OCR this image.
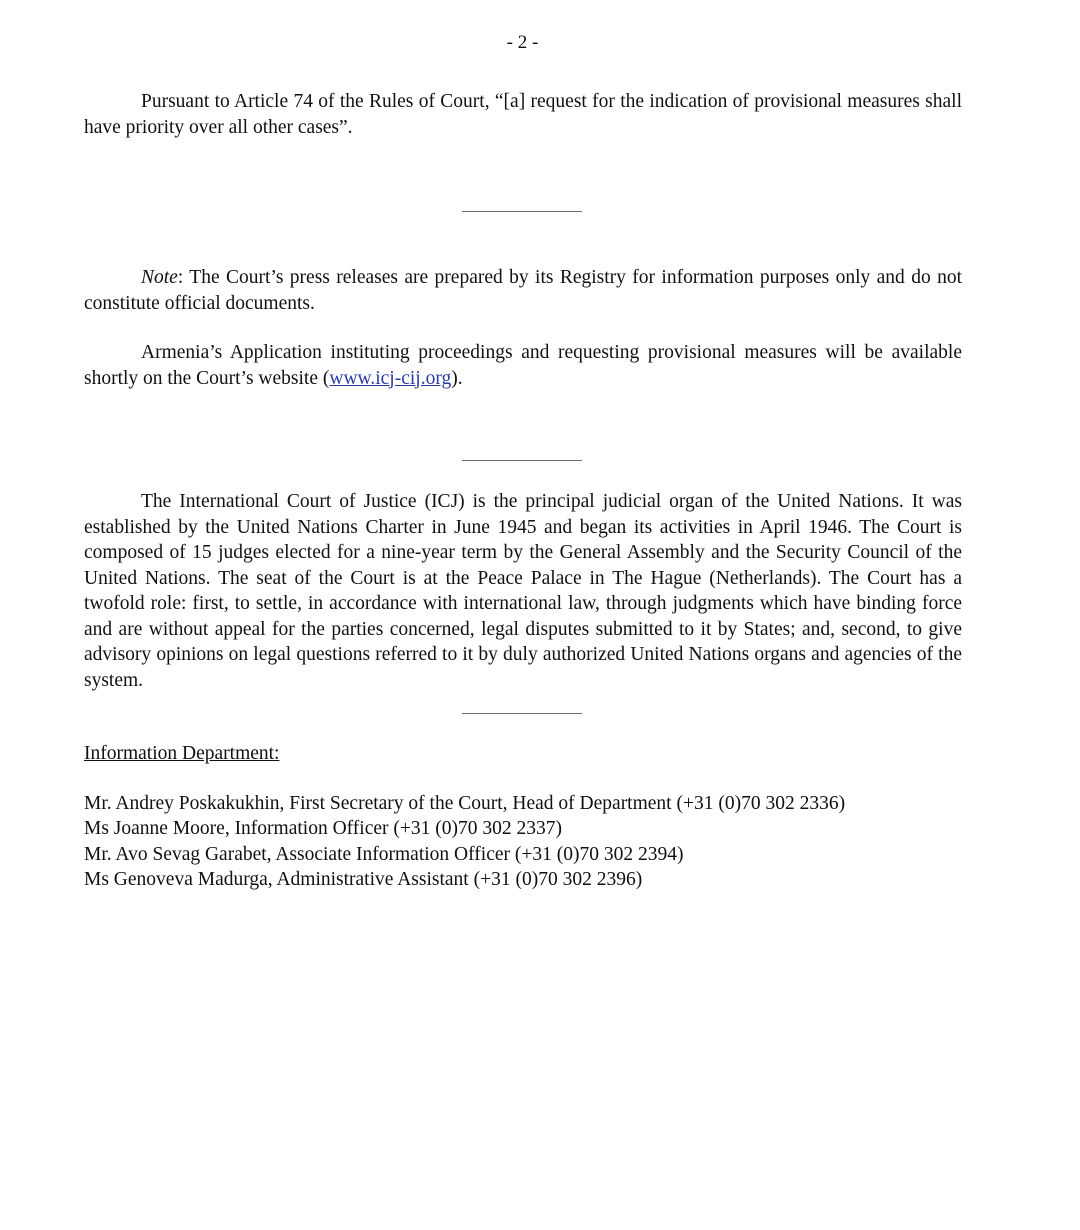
- 2 -

Pursuant to Article 74 of the Rules of Court, “[a] request for the indication of provisional measures shall have priority over all other cases”.

Note: The Court’s press releases are prepared by its Registry for information purposes only and do not constitute official documents.

Armenia’s Application instituting proceedings and requesting provisional measures will be available shortly on the Court’s website (www.icj-cij.org).

The International Court of Justice (ICJ) is the principal judicial organ of the United Nations. It was established by the United Nations Charter in June 1945 and began its activities in April 1946. The Court is composed of 15 judges elected for a nine-year term by the General Assembly and the Security Council of the United Nations. The seat of the Court is at the Peace Palace in The Hague (Netherlands). The Court has a twofold role: first, to settle, in accordance with international law, through judgments which have binding force and are without appeal for the parties concerned, legal disputes submitted to it by States; and, second, to give advisory opinions on legal questions referred to it by duly authorized United Nations organs and agencies of the system.

Information Department:

Mr. Andrey Poskakukhin, First Secretary of the Court, Head of Department (+31 (0)70 302 2336)
Ms Joanne Moore, Information Officer (+31 (0)70 302 2337)
Mr. Avo Sevag Garabet, Associate Information Officer (+31 (0)70 302 2394)
Ms Genoveva Madurga, Administrative Assistant (+31 (0)70 302 2396)
